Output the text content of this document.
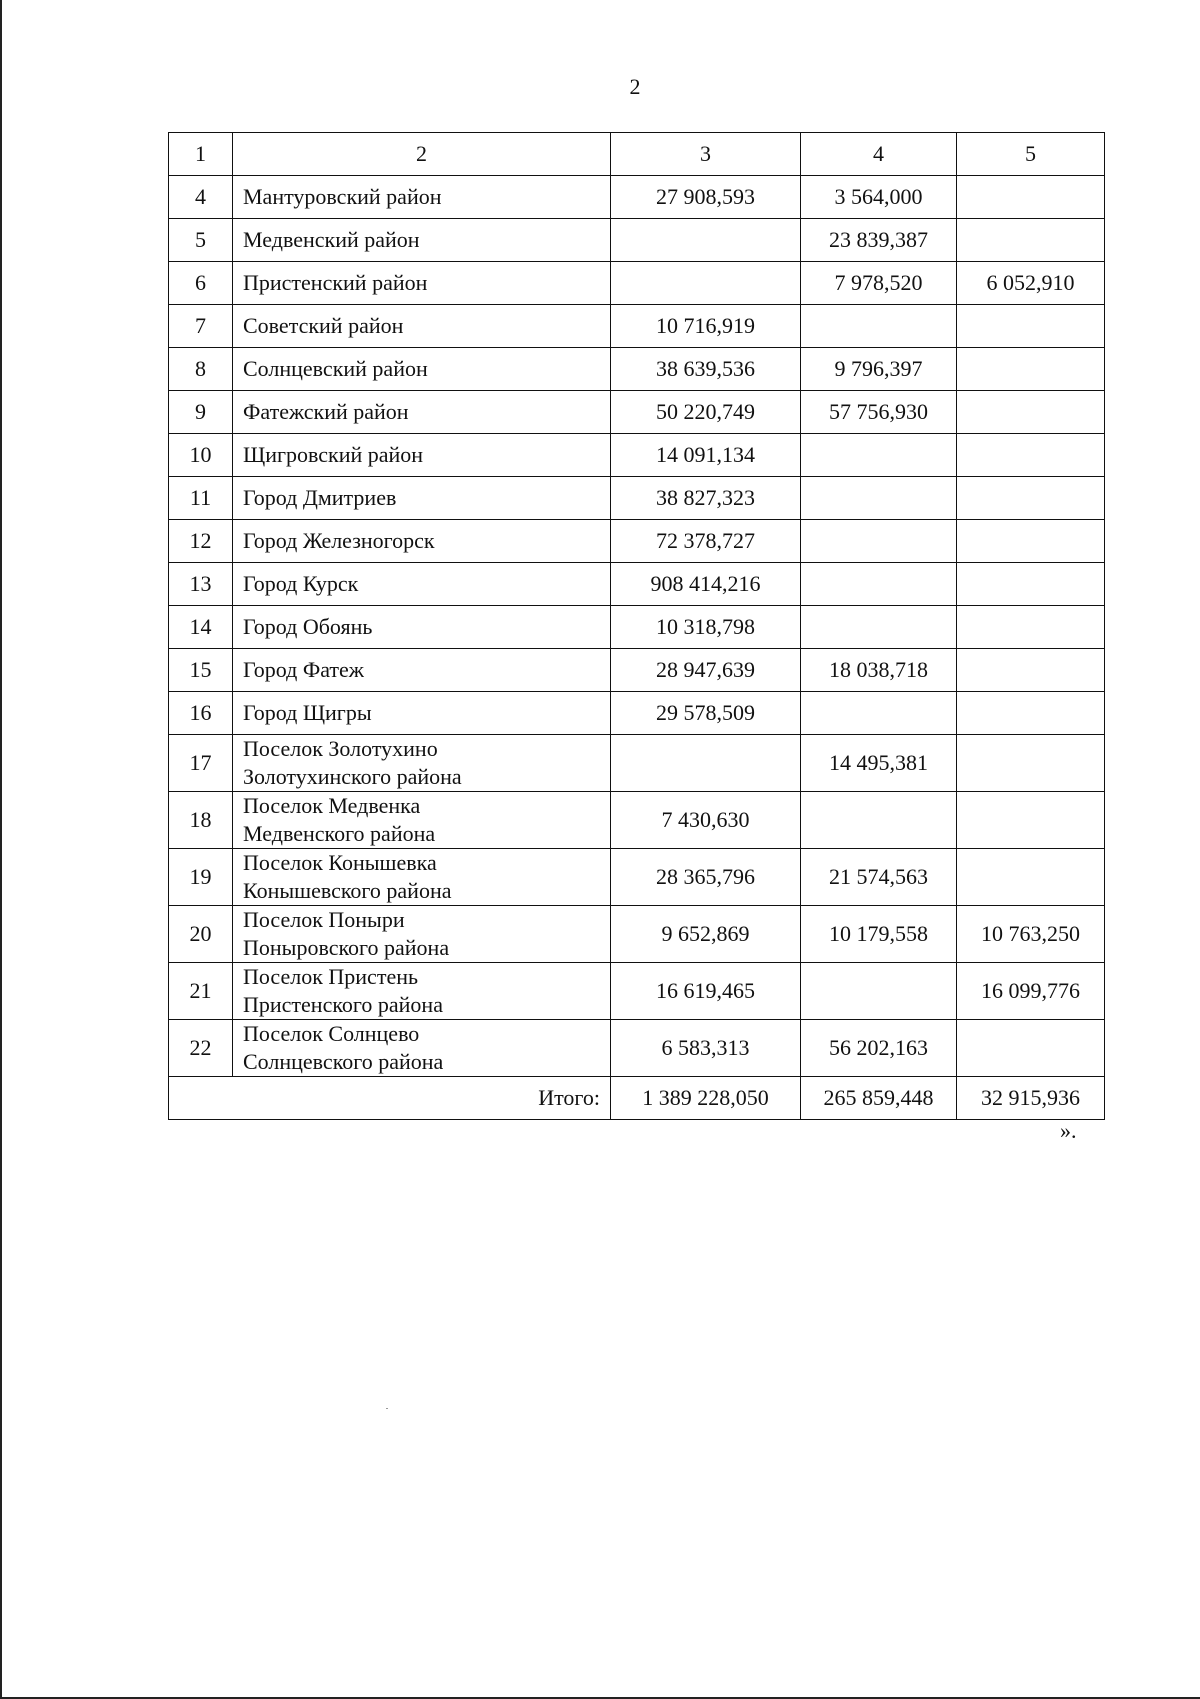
2
1	2	3	4	5
4	Мантуровский район	27 908,593	3 564,000	
5	Медвенский район		23 839,387	
6	Пристенский район		7 978,520	6 052,910
7	Советский район	10 716,919		
8	Солнцевский район	38 639,536	9 796,397	
9	Фатежский район	50 220,749	57 756,930	
10	Щигровский район	14 091,134		
11	Город Дмитриев	38 827,323		
12	Город Железногорск	72 378,727		
13	Город Курск	908 414,216		
14	Город Обоянь	10 318,798		
15	Город Фатеж	28 947,639	18 038,718	
16	Город Щигры	29 578,509		
17	Поселок Золотухино
Золотухинского района		14 495,381	
18	Поселок Медвенка
Медвенского района	7 430,630		
19	Поселок Конышевка
Конышевского района	28 365,796	21 574,563	
20	Поселок Поныри
Поныровского района	9 652,869	10 179,558	10 763,250
21	Поселок Пристень
Пристенского района	16 619,465		16 099,776
22	Поселок Солнцево
Солнцевского района	6 583,313	56 202,163	
Итого:		1 389 228,050	265 859,448	32 915,936
».
